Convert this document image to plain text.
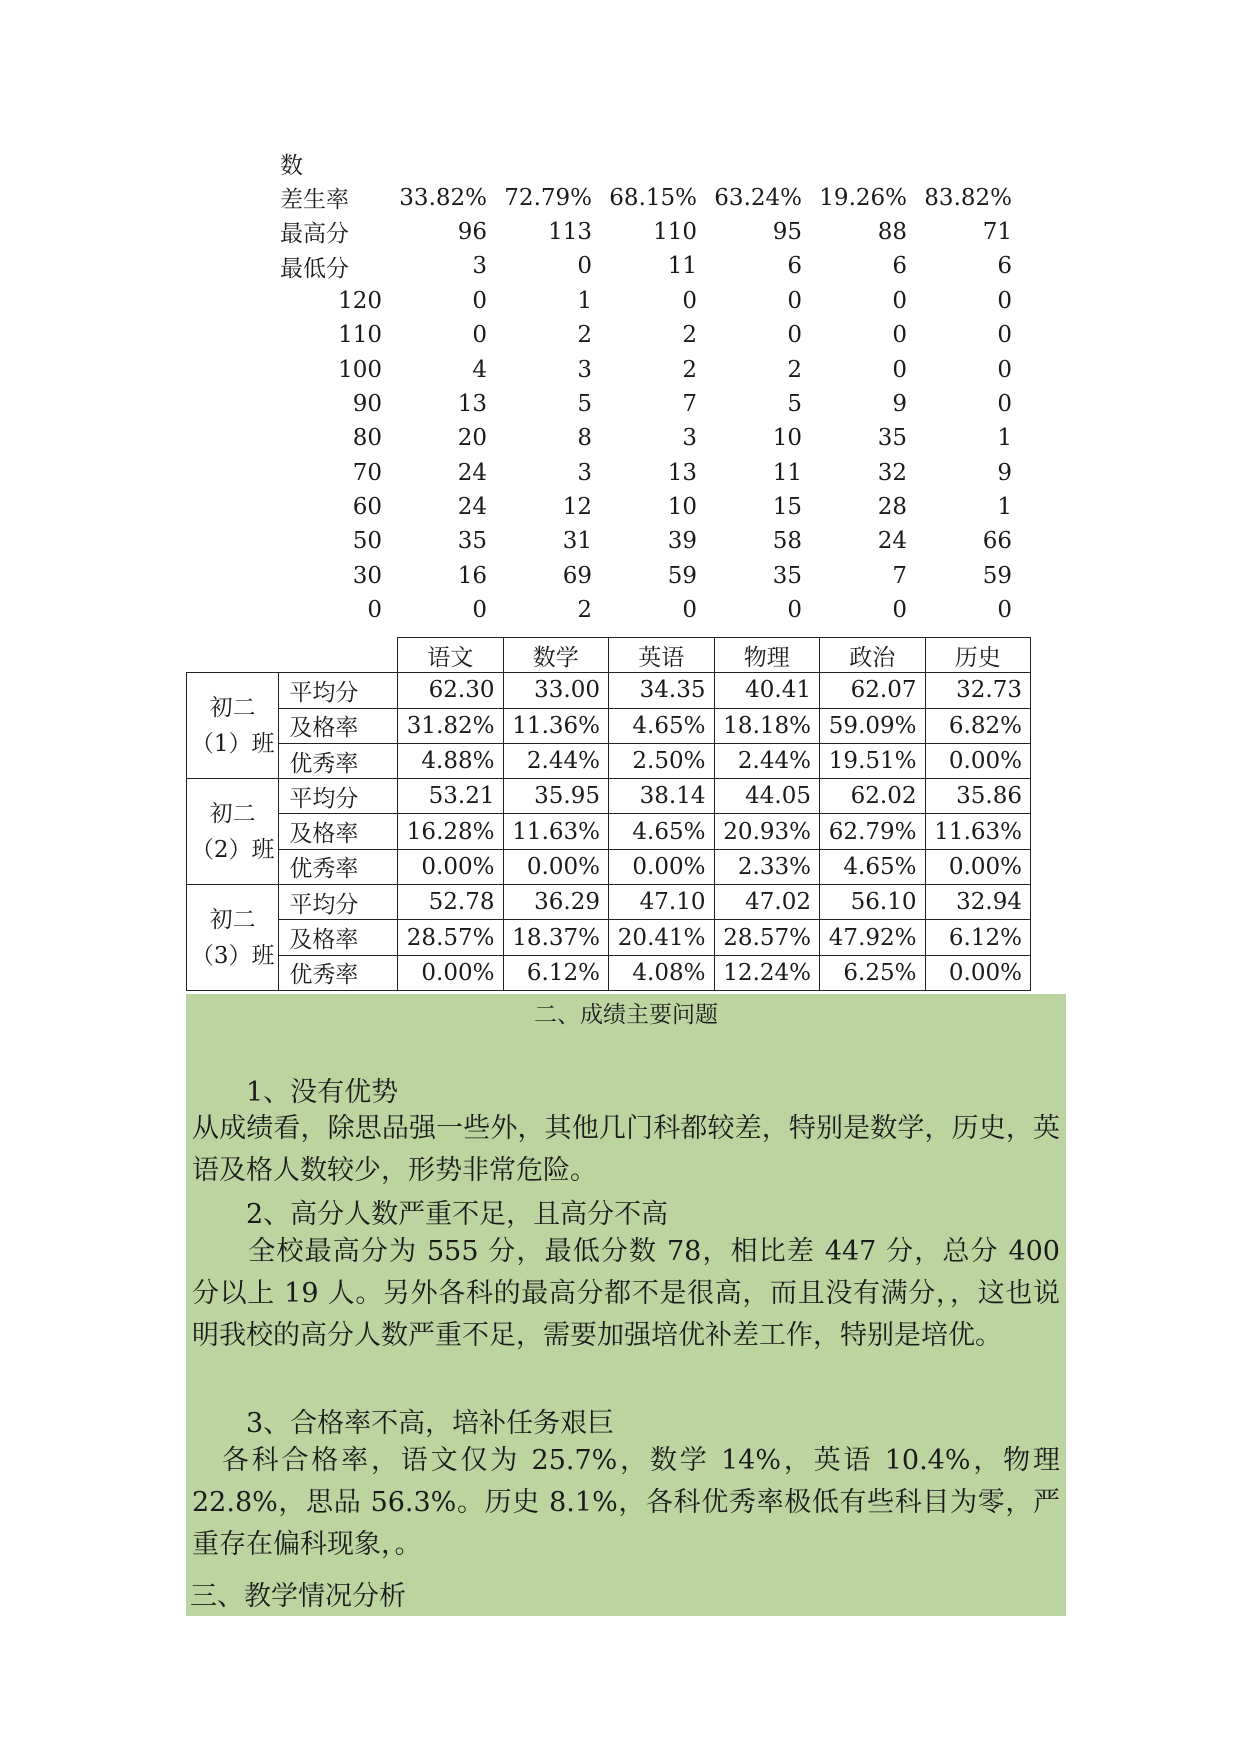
数						
差生率	33.82%	72.79%	68.15%	63.24%	19.26%	83.82%
最高分	96	113	110	95	88	71
最低分	3	0	11	6	6	6
120	0	1	0	0	0	0
110	0	2	2	0	0	0
100	4	3	2	2	0	0
90	13	5	7	5	9	0
80	20	8	3	10	35	1
70	24	3	13	11	32	9
60	24	12	10	15	28	1
50	35	31	39	58	24	66
30	16	69	59	35	7	59
0	0	2	0	0	0	0
		语文	数学	英语	物理	政治	历史
初二（1）班	平均分	62.30	33.00	34.35	40.41	62.07	32.73
	及格率	31.82%	11.36%	4.65%	18.18%	59.09%	6.82%
	优秀率	4.88%	2.44%	2.50%	2.44%	19.51%	0.00%
初二（2）班	平均分	53.21	35.95	38.14	44.05	62.02	35.86
	及格率	16.28%	11.63%	4.65%	20.93%	62.79%	11.63%
	优秀率	0.00%	0.00%	0.00%	2.33%	4.65%	0.00%
初二（3）班	平均分	52.78	36.29	47.10	47.02	56.10	32.94
	及格率	28.57%	18.37%	20.41%	28.57%	47.92%	6.12%
	优秀率	0.00%	6.12%	4.08%	12.24%	6.25%	0.00%

二、成绩主要问题

1、没有优势

从成绩看，除思品强一些外，其他几门科都较差，特别是数学，历史，英语及格人数较少，形势非常危险。

2、高分人数严重不足，且高分不高

　　全校最高分为 555 分，最低分数 78，相比差 447 分，总分 400 分以上 19 人。另外各科的最高分都不是很高，而且没有满分，，这也说明我校的高分人数严重不足，需要加强培优补差工作，特别是培优。

3、合格率不高，培补任务艰巨

　各科合格率，语文仅为 25.7%，数学 14%，英语 10.4%，物理 22.8%，思品 56.3%。历史 8.1%，各科优秀率极低有些科目为零，严重存在偏科现象，。

三、教学情况分析
